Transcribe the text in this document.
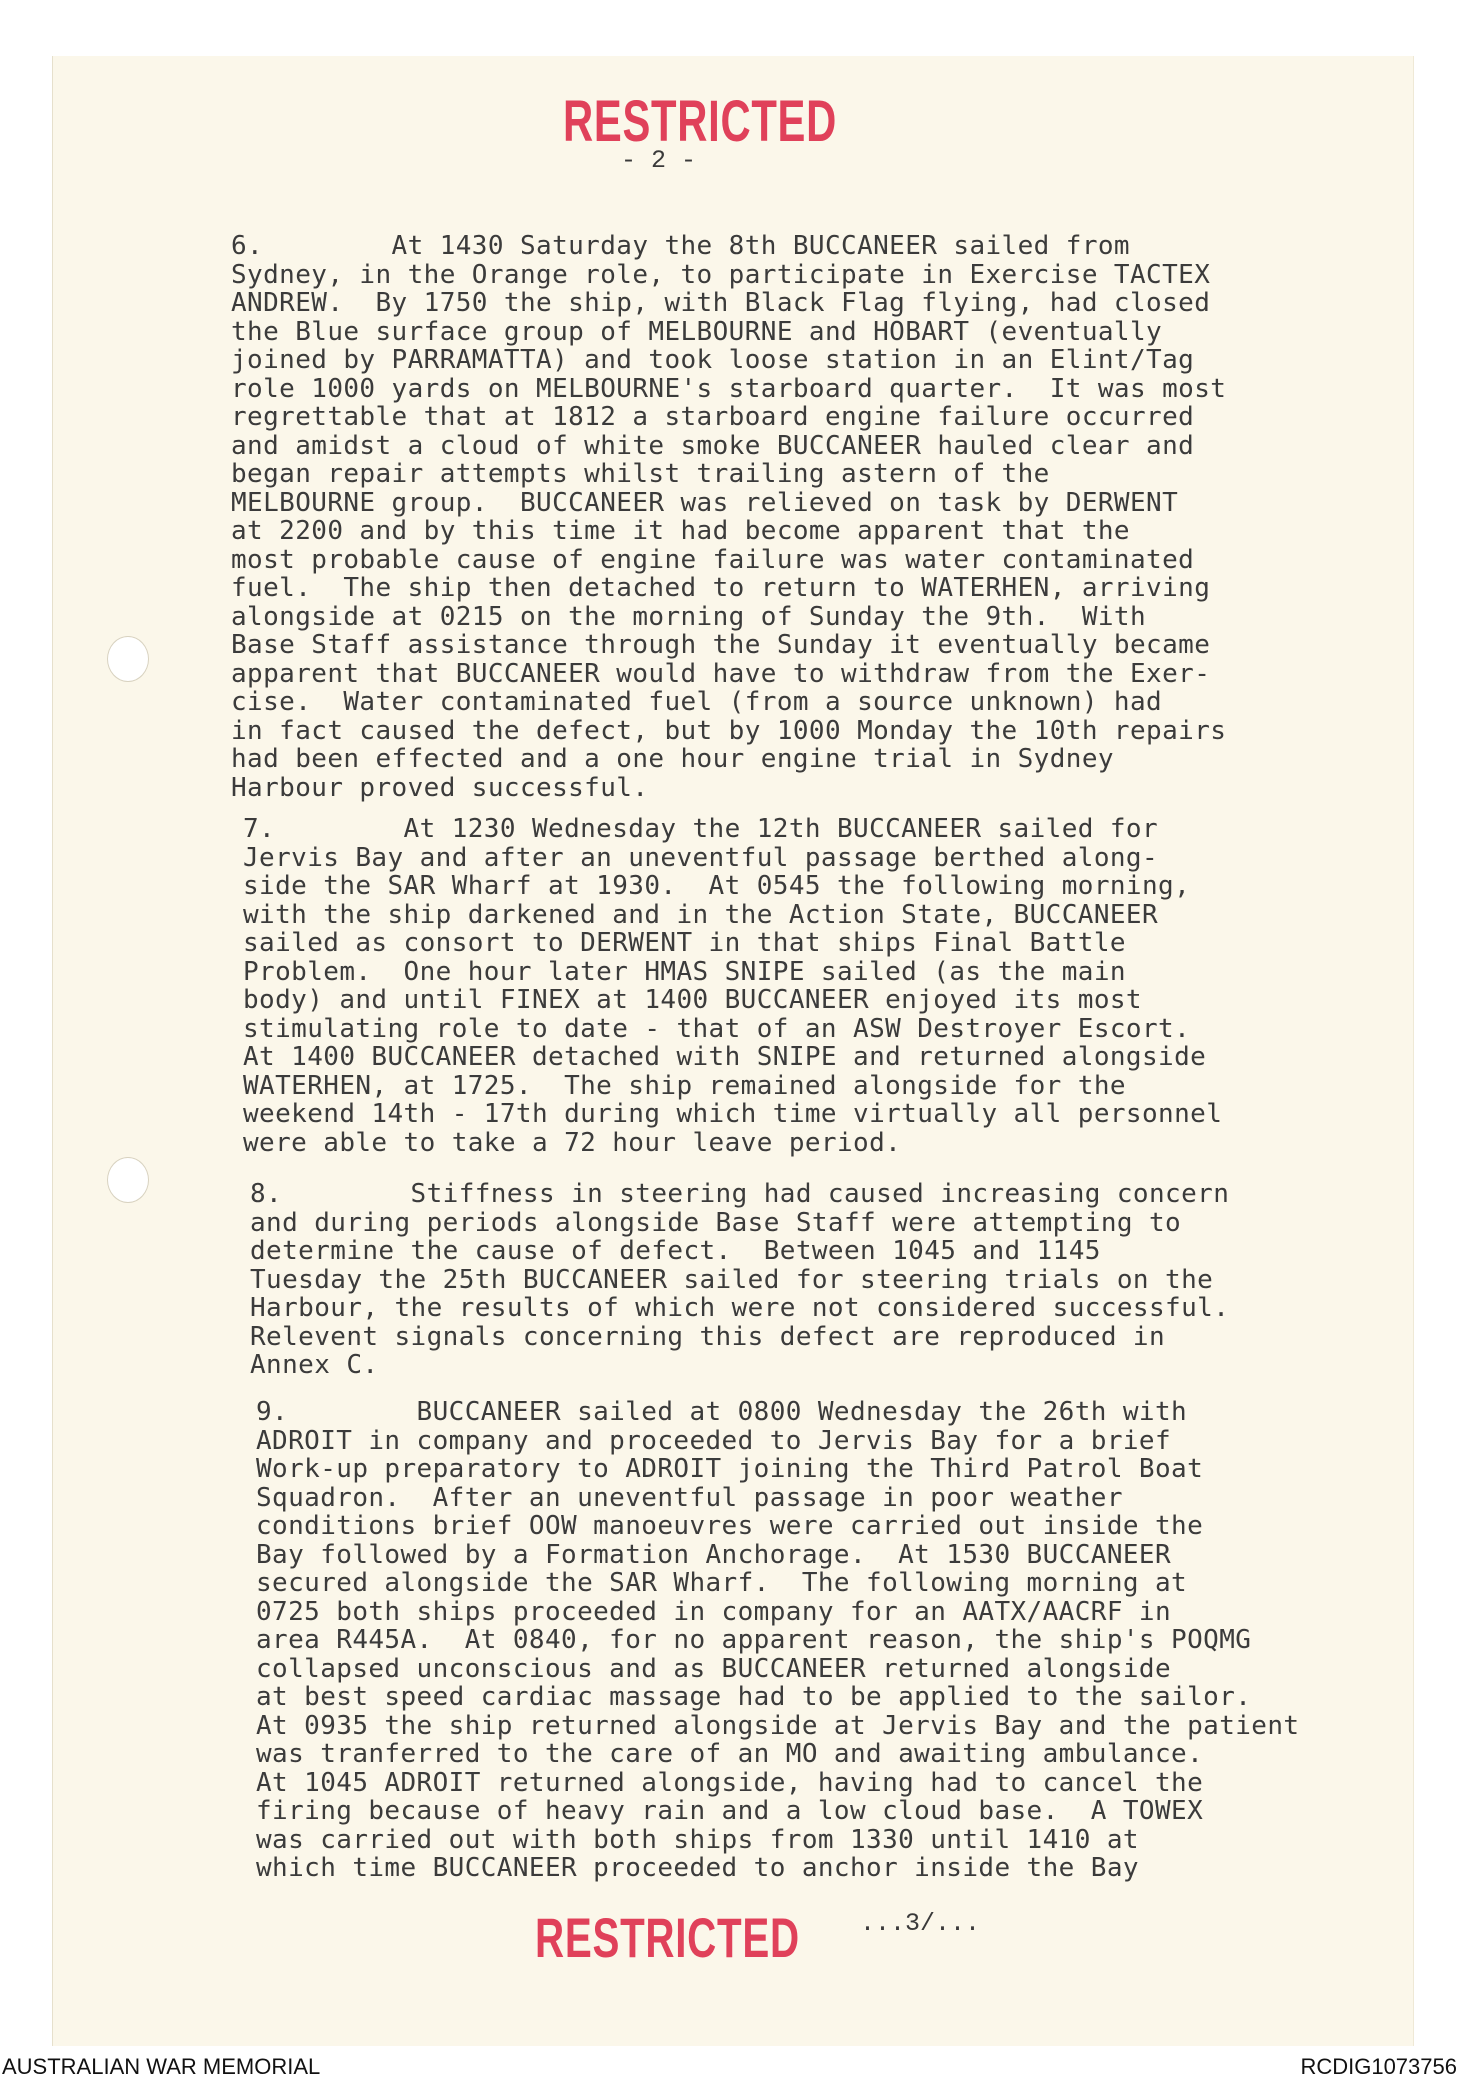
RESTRICTED
- 2 -
6.        At 1430 Saturday the 8th BUCCANEER sailed from
Sydney, in the Orange role, to participate in Exercise TACTEX
ANDREW.  By 1750 the ship, with Black Flag flying, had closed
the Blue surface group of MELBOURNE and HOBART (eventually
joined by PARRAMATTA) and took loose station in an Elint/Tag
role 1000 yards on MELBOURNE's starboard quarter.  It was most
regrettable that at 1812 a starboard engine failure occurred
and amidst a cloud of white smoke BUCCANEER hauled clear and
began repair attempts whilst trailing astern of the
MELBOURNE group.  BUCCANEER was relieved on task by DERWENT
at 2200 and by this time it had become apparent that the
most probable cause of engine failure was water contaminated
fuel.  The ship then detached to return to WATERHEN, arriving
alongside at 0215 on the morning of Sunday the 9th.  With
Base Staff assistance through the Sunday it eventually became
apparent that BUCCANEER would have to withdraw from the Exer-
cise.  Water contaminated fuel (from a source unknown) had
in fact caused the defect, but by 1000 Monday the 10th repairs
had been effected and a one hour engine trial in Sydney
Harbour proved successful.
7.        At 1230 Wednesday the 12th BUCCANEER sailed for
Jervis Bay and after an uneventful passage berthed along-
side the SAR Wharf at 1930.  At 0545 the following morning,
with the ship darkened and in the Action State, BUCCANEER
sailed as consort to DERWENT in that ships Final Battle
Problem.  One hour later HMAS SNIPE sailed (as the main
body) and until FINEX at 1400 BUCCANEER enjoyed its most
stimulating role to date - that of an ASW Destroyer Escort.
At 1400 BUCCANEER detached with SNIPE and returned alongside
WATERHEN, at 1725.  The ship remained alongside for the
weekend 14th - 17th during which time virtually all personnel
were able to take a 72 hour leave period.
8.        Stiffness in steering had caused increasing concern
and during periods alongside Base Staff were attempting to
determine the cause of defect.  Between 1045 and 1145
Tuesday the 25th BUCCANEER sailed for steering trials on the
Harbour, the results of which were not considered successful.
Relevent signals concerning this defect are reproduced in
Annex C.
9.        BUCCANEER sailed at 0800 Wednesday the 26th with
ADROIT in company and proceeded to Jervis Bay for a brief
Work-up preparatory to ADROIT joining the Third Patrol Boat
Squadron.  After an uneventful passage in poor weather
conditions brief OOW manoeuvres were carried out inside the
Bay followed by a Formation Anchorage.  At 1530 BUCCANEER
secured alongside the SAR Wharf.  The following morning at
0725 both ships proceeded in company for an AATX/AACRF in
area R445A.  At 0840, for no apparent reason, the ship's POQMG
collapsed unconscious and as BUCCANEER returned alongside
at best speed cardiac massage had to be applied to the sailor.
At 0935 the ship returned alongside at Jervis Bay and the patient
was tranferred to the care of an MO and awaiting ambulance.
At 1045 ADROIT returned alongside, having had to cancel the
firing because of heavy rain and a low cloud base.  A TOWEX
was carried out with both ships from 1330 until 1410 at
which time BUCCANEER proceeded to anchor inside the Bay
RESTRICTED ...3/...
AUSTRALIAN WAR MEMORIAL	RCDIG1073756
